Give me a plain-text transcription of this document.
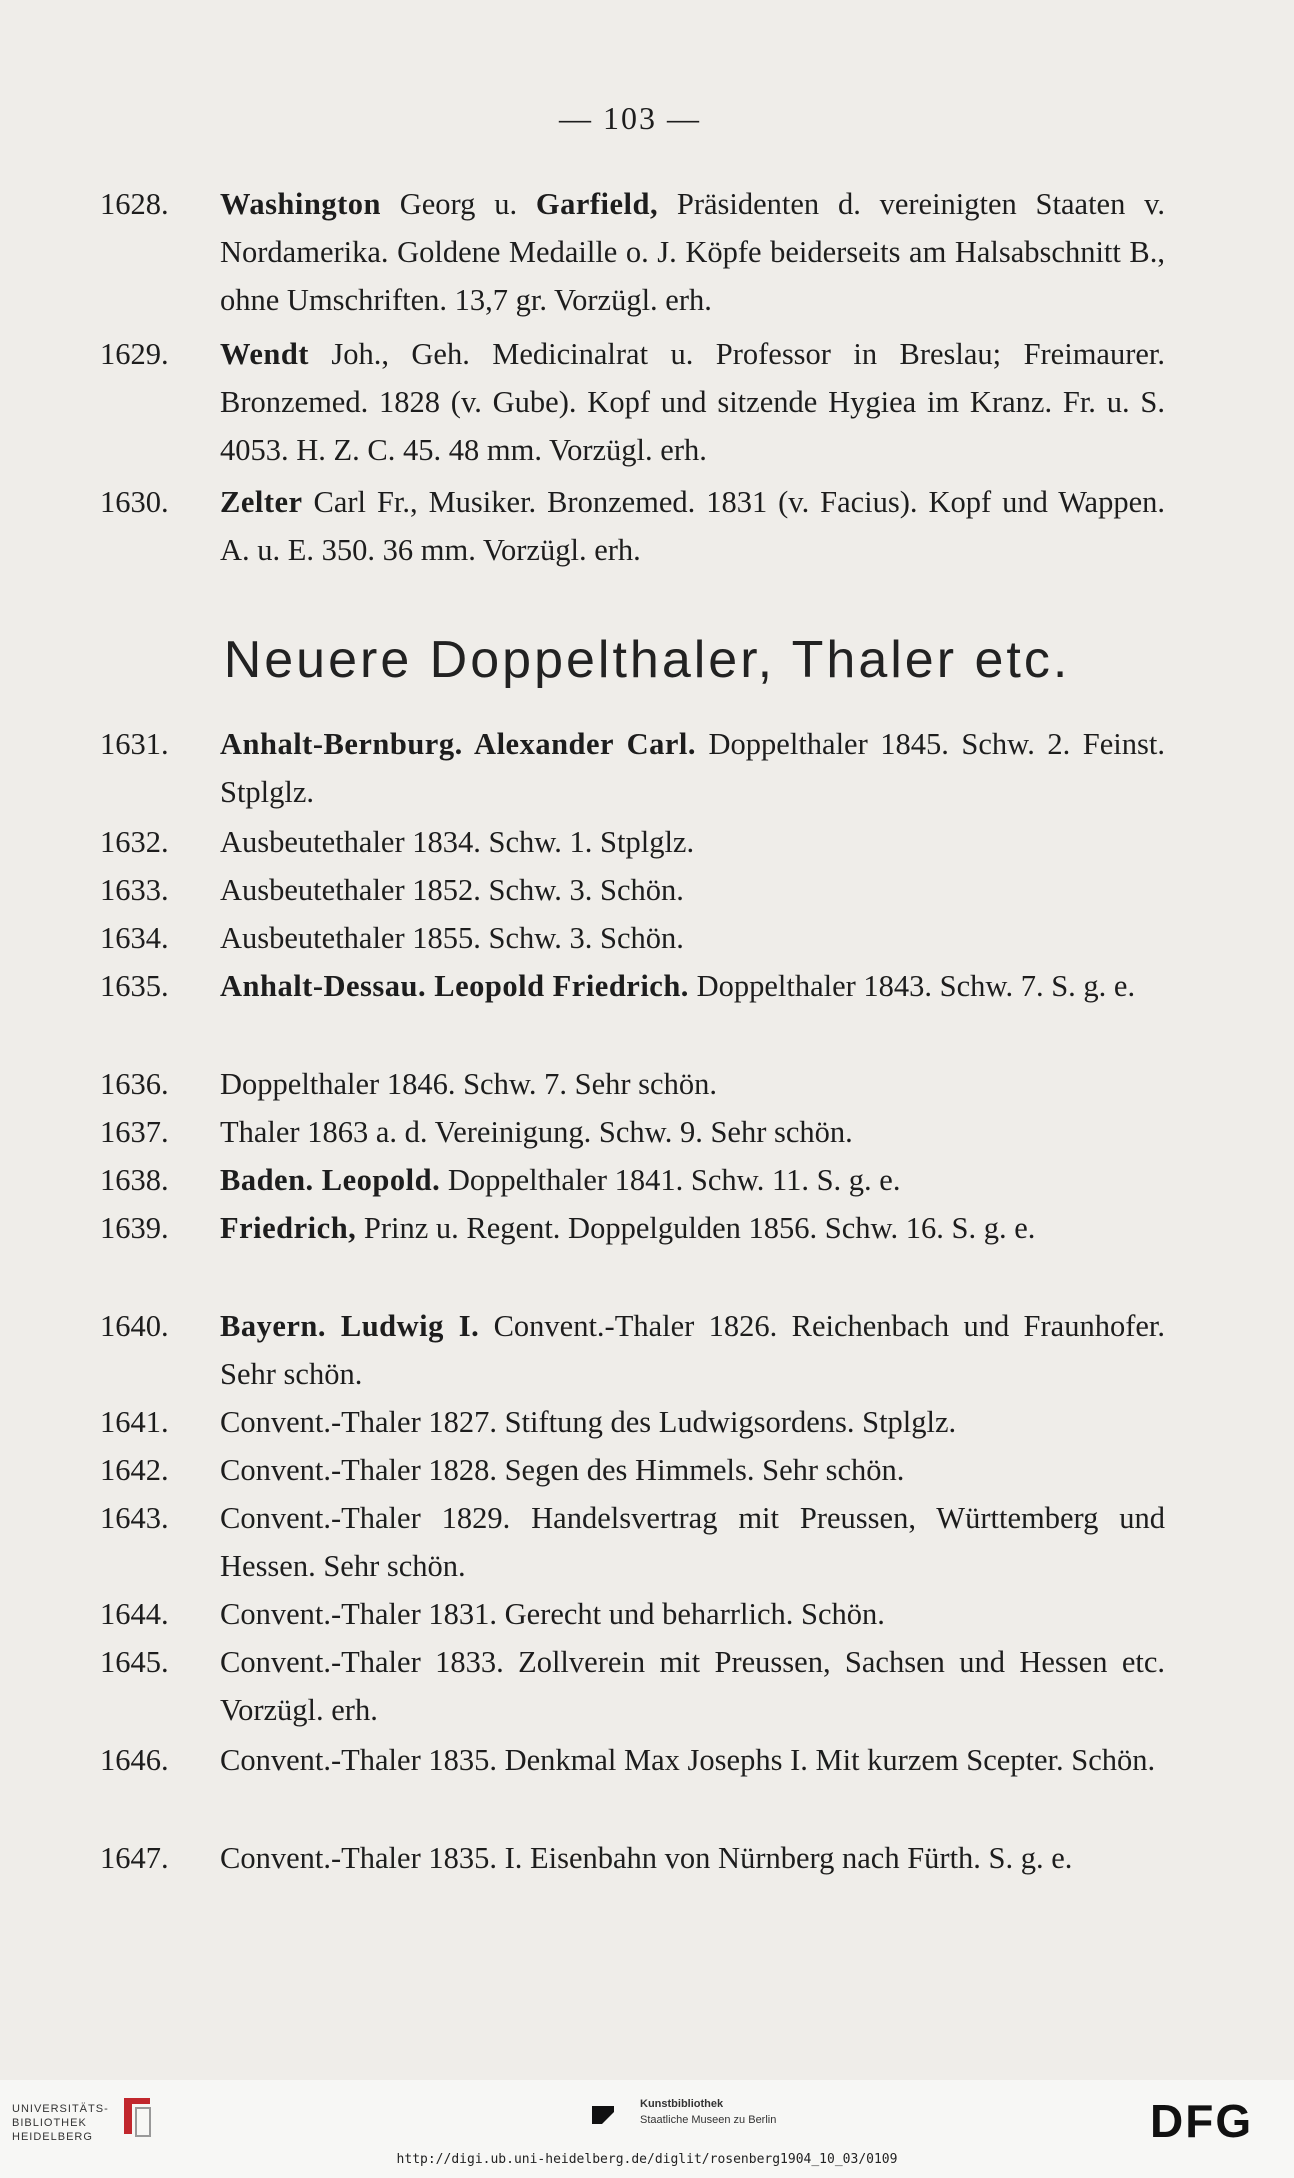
— 103 —
1628.	Washington Georg u. Garfield, Präsidenten d. vereinigten Staaten v. Nordamerika. Goldene Medaille o. J. Köpfe beiderseits am Halsabschnitt B., ohne Umschriften. 13,7 gr. Vorzügl. erh.
1629.	Wendt Joh., Geh. Medicinalrat u. Professor in Breslau; Freimaurer. Bronzemed. 1828 (v. Gube). Kopf und sitzende Hygiea im Kranz. Fr. u. S. 4053. H. Z. C. 45. 48 mm. Vorzügl. erh.
1630.	Zelter Carl Fr., Musiker. Bronzemed. 1831 (v. Facius). Kopf und Wappen. A. u. E. 350. 36 mm. Vorzügl. erh.
Neuere Doppelthaler, Thaler etc.
1631.	Anhalt-Bernburg. Alexander Carl. Doppelthaler 1845. Schw. 2. Feinst. Stplglz.
1632.	Ausbeutethaler 1834. Schw. 1. Stplglz.
1633.	Ausbeutethaler 1852. Schw. 3. Schön.
1634.	Ausbeutethaler 1855. Schw. 3. Schön.
1635.	Anhalt-Dessau. Leopold Friedrich. Doppelthaler 1843. Schw. 7. S. g. e.
1636.	Doppelthaler 1846. Schw. 7. Sehr schön.
1637.	Thaler 1863 a. d. Vereinigung. Schw. 9. Sehr schön.
1638.	Baden. Leopold. Doppelthaler 1841. Schw. 11. S. g. e.
1639.	Friedrich, Prinz u. Regent. Doppelgulden 1856. Schw. 16. S. g. e.
1640.	Bayern. Ludwig I. Convent.-Thaler 1826. Reichenbach und Fraunhofer. Sehr schön.
1641.	Convent.-Thaler 1827. Stiftung des Ludwigsordens. Stplglz.
1642.	Convent.-Thaler 1828. Segen des Himmels. Sehr schön.
1643.	Convent.-Thaler 1829. Handelsvertrag mit Preussen, Württemberg und Hessen. Sehr schön.
1644.	Convent.-Thaler 1831. Gerecht und beharrlich. Schön.
1645.	Convent.-Thaler 1833. Zollverein mit Preussen, Sachsen und Hessen etc. Vorzügl. erh.
1646.	Convent.-Thaler 1835. Denkmal Max Josephs I. Mit kurzem Scepter. Schön.
1647.	Convent.-Thaler 1835. I. Eisenbahn von Nürnberg nach Fürth. S. g. e.
UNIVERSITÄTS-
BIBLIOTHEK
HEIDELBERG
Kunstbibliothek
Staatliche Museen zu Berlin	DFG
http://digi.ub.uni-heidelberg.de/diglit/rosenberg1904_10_03/0109
